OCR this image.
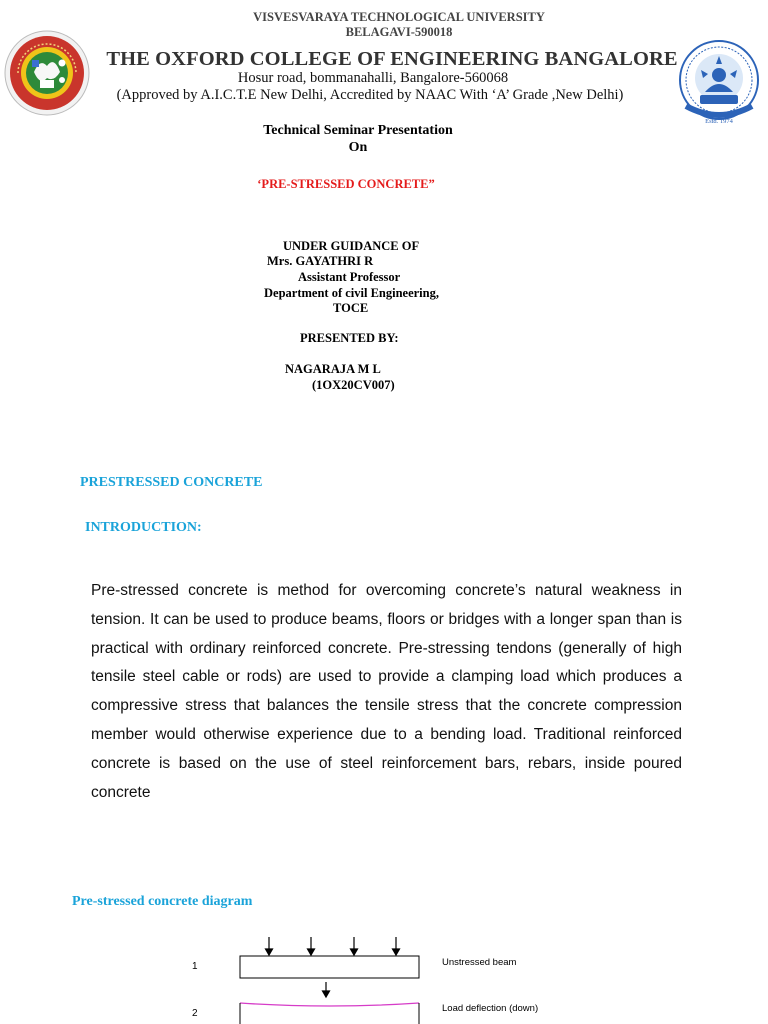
VISVESVARAYA TECHNOLOGICAL UNIVERSITY
BELAGAVI-590018
THE OXFORD COLLEGE OF ENGINEERING BANGALORE
Hosur road, bommanahalli, Bangalore-560068
(Approved by A.I.C.T.E New Delhi, Accredited by NAAC With ‘A’ Grade ,New Delhi)
Estd. 1974
Technical Seminar Presentation
On
‘PRE-STRESSED CONCRETE”
UNDER GUIDANCE OF
Mrs. GAYATHRI R
Assistant Professor
Department of civil Engineering,
TOCE
PRESENTED BY:
NAGARAJA M L
(1OX20CV007)
PRESTRESSED CONCRETE
INTRODUCTION:
Pre-stressed concrete is method for overcoming concrete’s natural weakness in tension. It can be used to produce beams, floors or bridges with a longer span than is practical with ordinary reinforced concrete. Pre-stressing tendons (generally of high tensile steel cable or rods) are used to provide a clamping load which produces a compressive stress that balances the tensile stress that the concrete compression member would otherwise experience due to a bending load. Traditional reinforced concrete is based on the use of steel reinforcement bars, rebars, inside poured concrete
Pre-stressed concrete diagram
1	Unstressed beam
2	Load deflection (down)
